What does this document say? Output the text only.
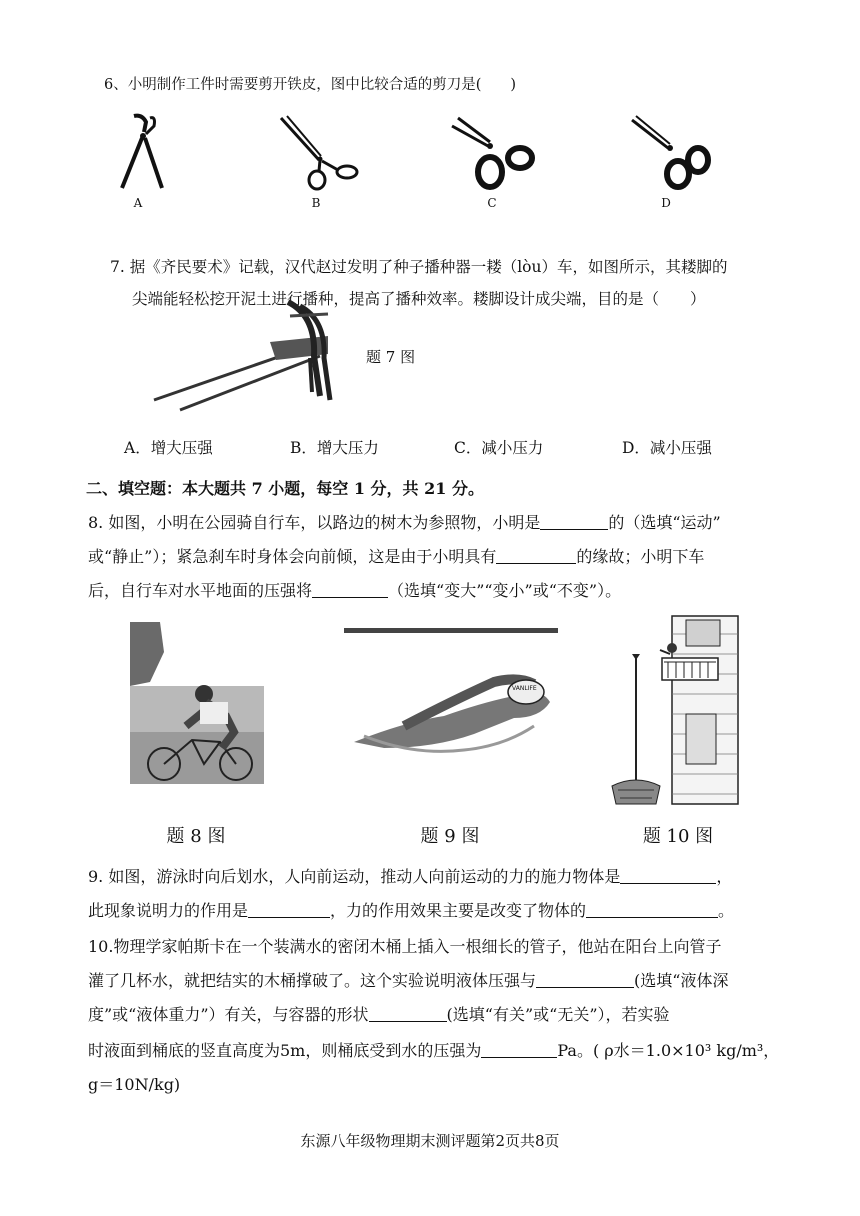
6、小明制作工件时需要剪开铁皮，图中比较合适的剪刀是(　　)
A	B	C	D
7. 据《齐民要术》记载，汉代赵过发明了种子播种器一耧（lòu）车，如图所示，其耧脚的
尖端能轻松挖开泥土进行播种，提高了播种效率。耧脚设计成尖端，目的是（　　）
题 7 图
A．增大压强	B．增大压力	C．减小压力	D．减小压强
二、填空题：本大题共 7 小题，每空 1 分，共 21 分。
8. 如图，小明在公园骑自行车，以路边的树木为参照物，小明是	的（选填“运动”
或“静止”）；紧急刹车时身体会向前倾，这是由于小明具有	的缘故；小明下车
后，自行车对水平地面的压强将	（选填“变大”“变小”或“不变”）。
题 8 图
VANLIFE
题 9 图	题 10 图
9. 如图，游泳时向后划水，人向前运动，推动人向前运动的力的施力物体是	，
此现象说明力的作用是	，力的作用效果主要是改变了物体的	。
10.物理学家帕斯卡在一个装满水的密闭木桶上插入一根细长的管子，他站在阳台上向管子
灌了几杯水，就把结实的木桶撑破了。这个实验说明液体压强与	(选填“液体深
度”或“液体重力”）有关，与容器的形状	(选填“有关”或“无关”），若实验
时液面到桶底的竖直高度为5m，则桶底受到水的压强为	Pa。( ρ水＝1.0×10³ kg/m³，
g＝10N/kg)
东源八年级物理期末测评题第2页共8页
